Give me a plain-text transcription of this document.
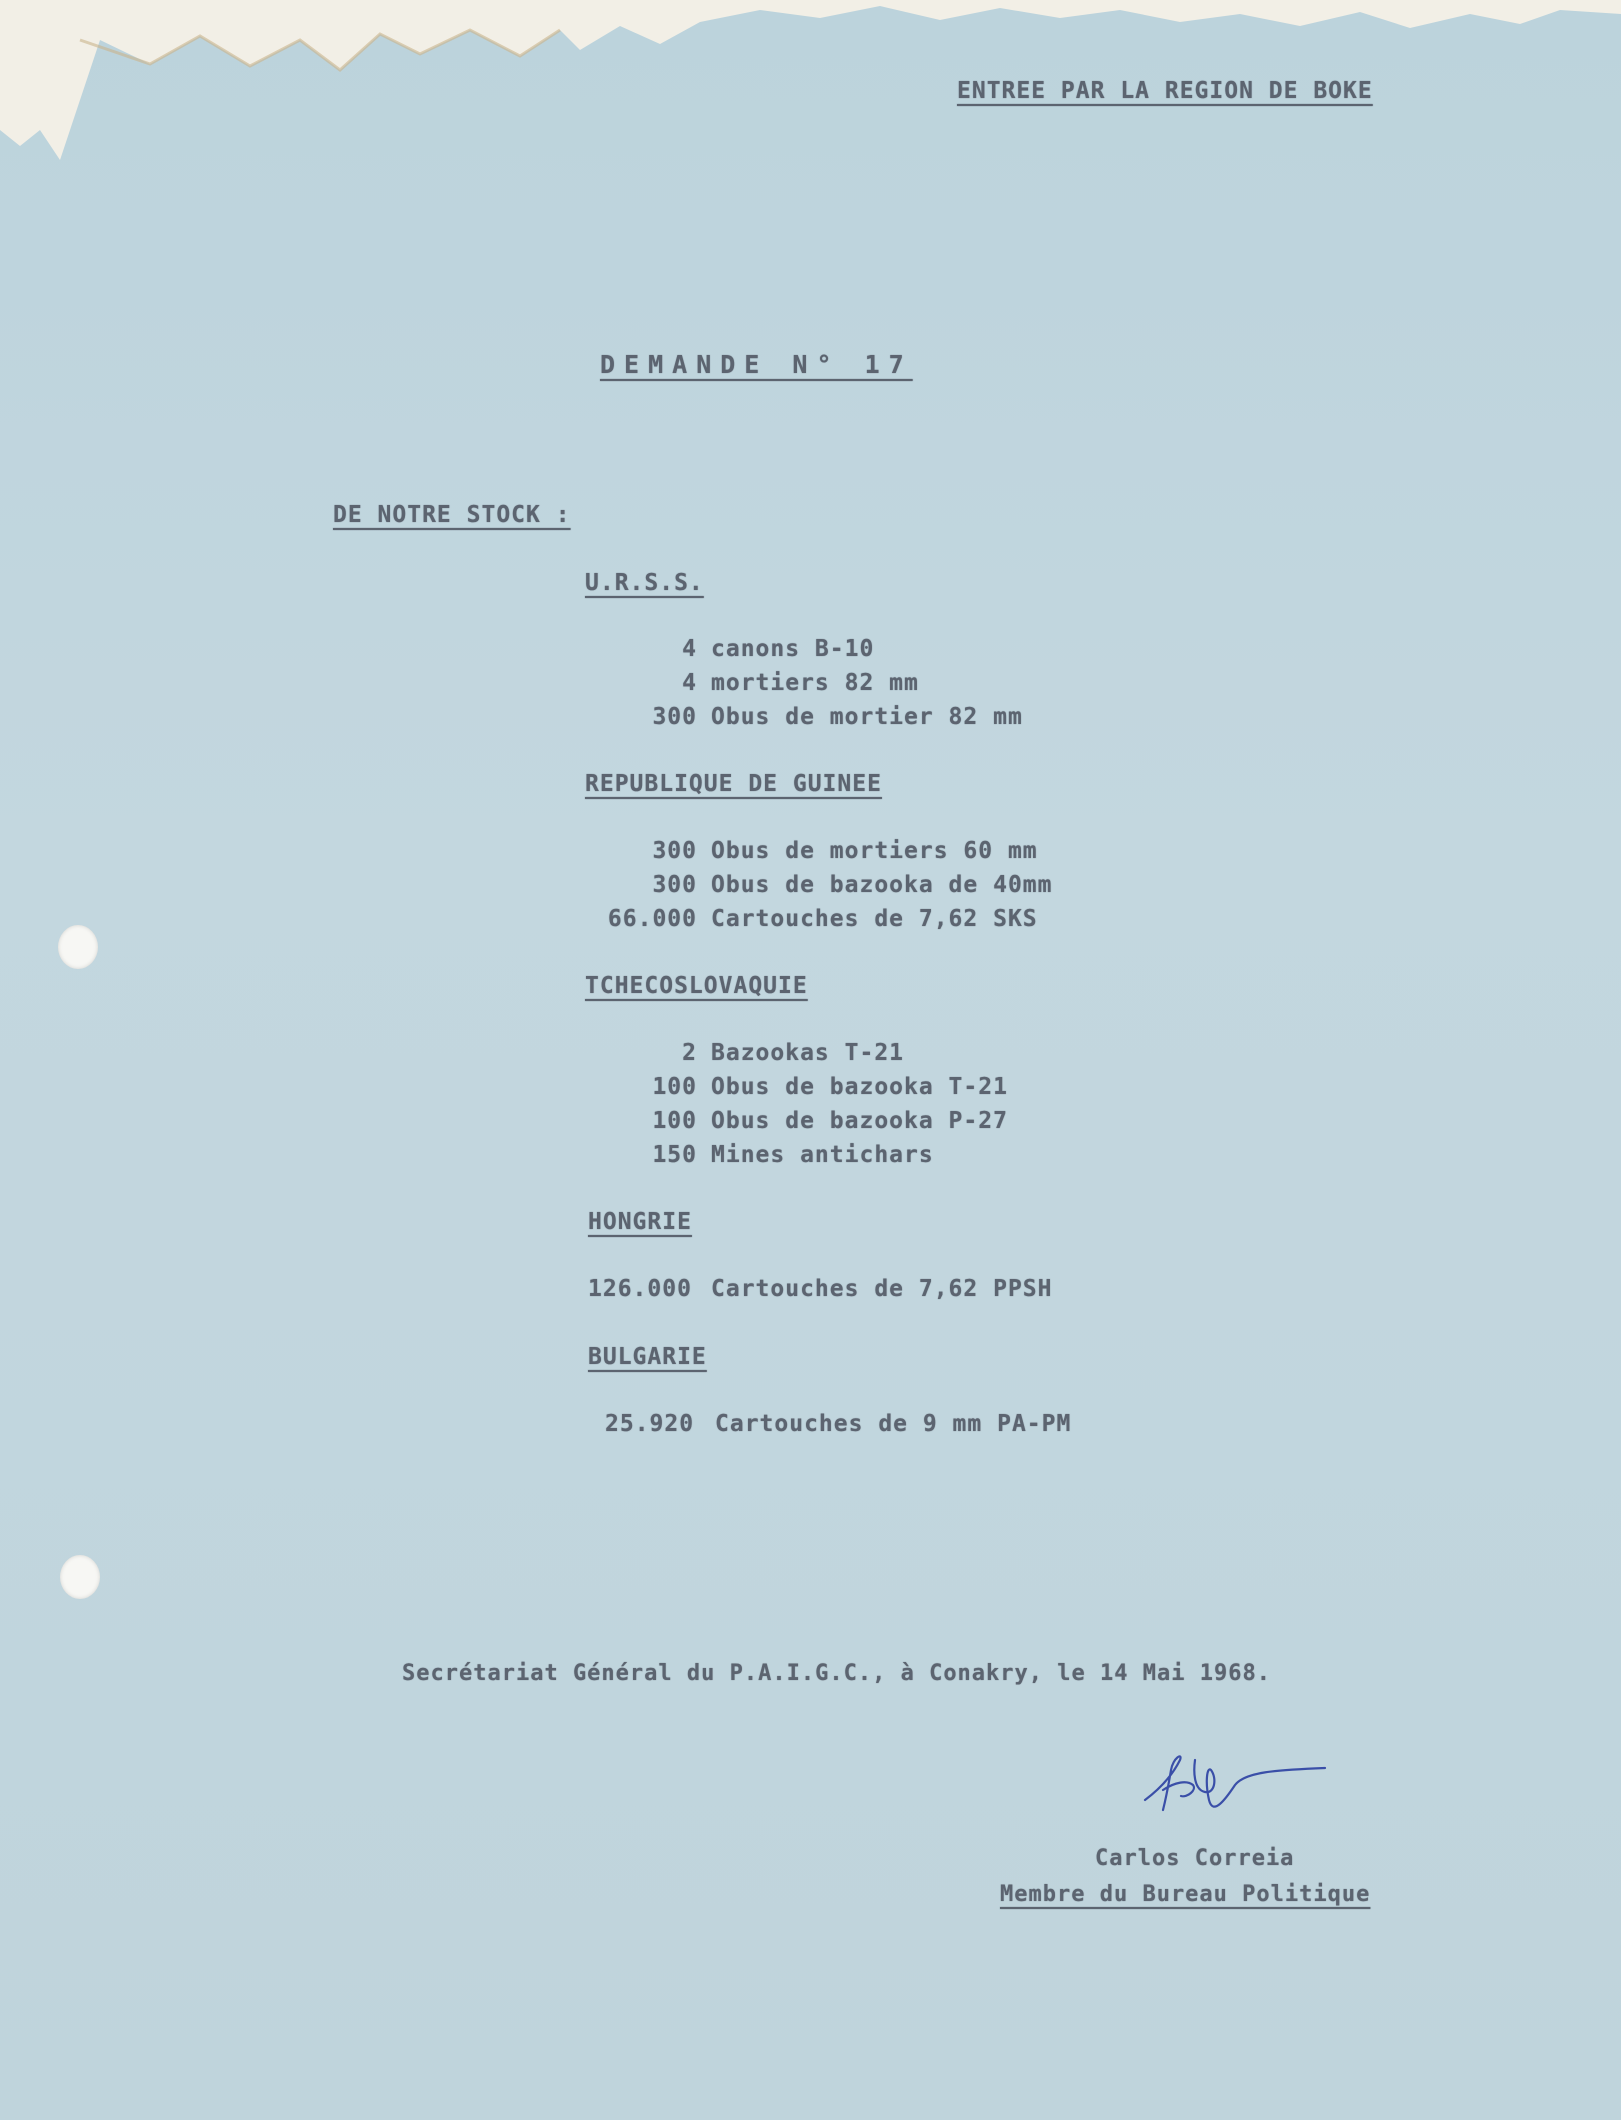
ENTREE PAR LA REGION DE BOKE
DEMANDE N° 17
DE NOTRE STOCK :
U.R.S.S.
4 canons B-10
4 mortiers 82 mm
300 Obus de mortier 82 mm
REPUBLIQUE DE GUINEE
300 Obus de mortiers 60 mm
300 Obus de bazooka de 40mm
66.000 Cartouches de 7,62 SKS
TCHECOSLOVAQUIE
2 Bazookas T-21
100 Obus de bazooka T-21
100 Obus de bazooka P-27
150 Mines antichars
HONGRIE
126.000 Cartouches de 7,62 PPSH
BULGARIE
25.920 Cartouches de 9 mm PA-PM
Secrétariat Général du P.A.I.G.C., à Conakry, le 14 Mai 1968.
Carlos Correia
Membre du Bureau Politique
